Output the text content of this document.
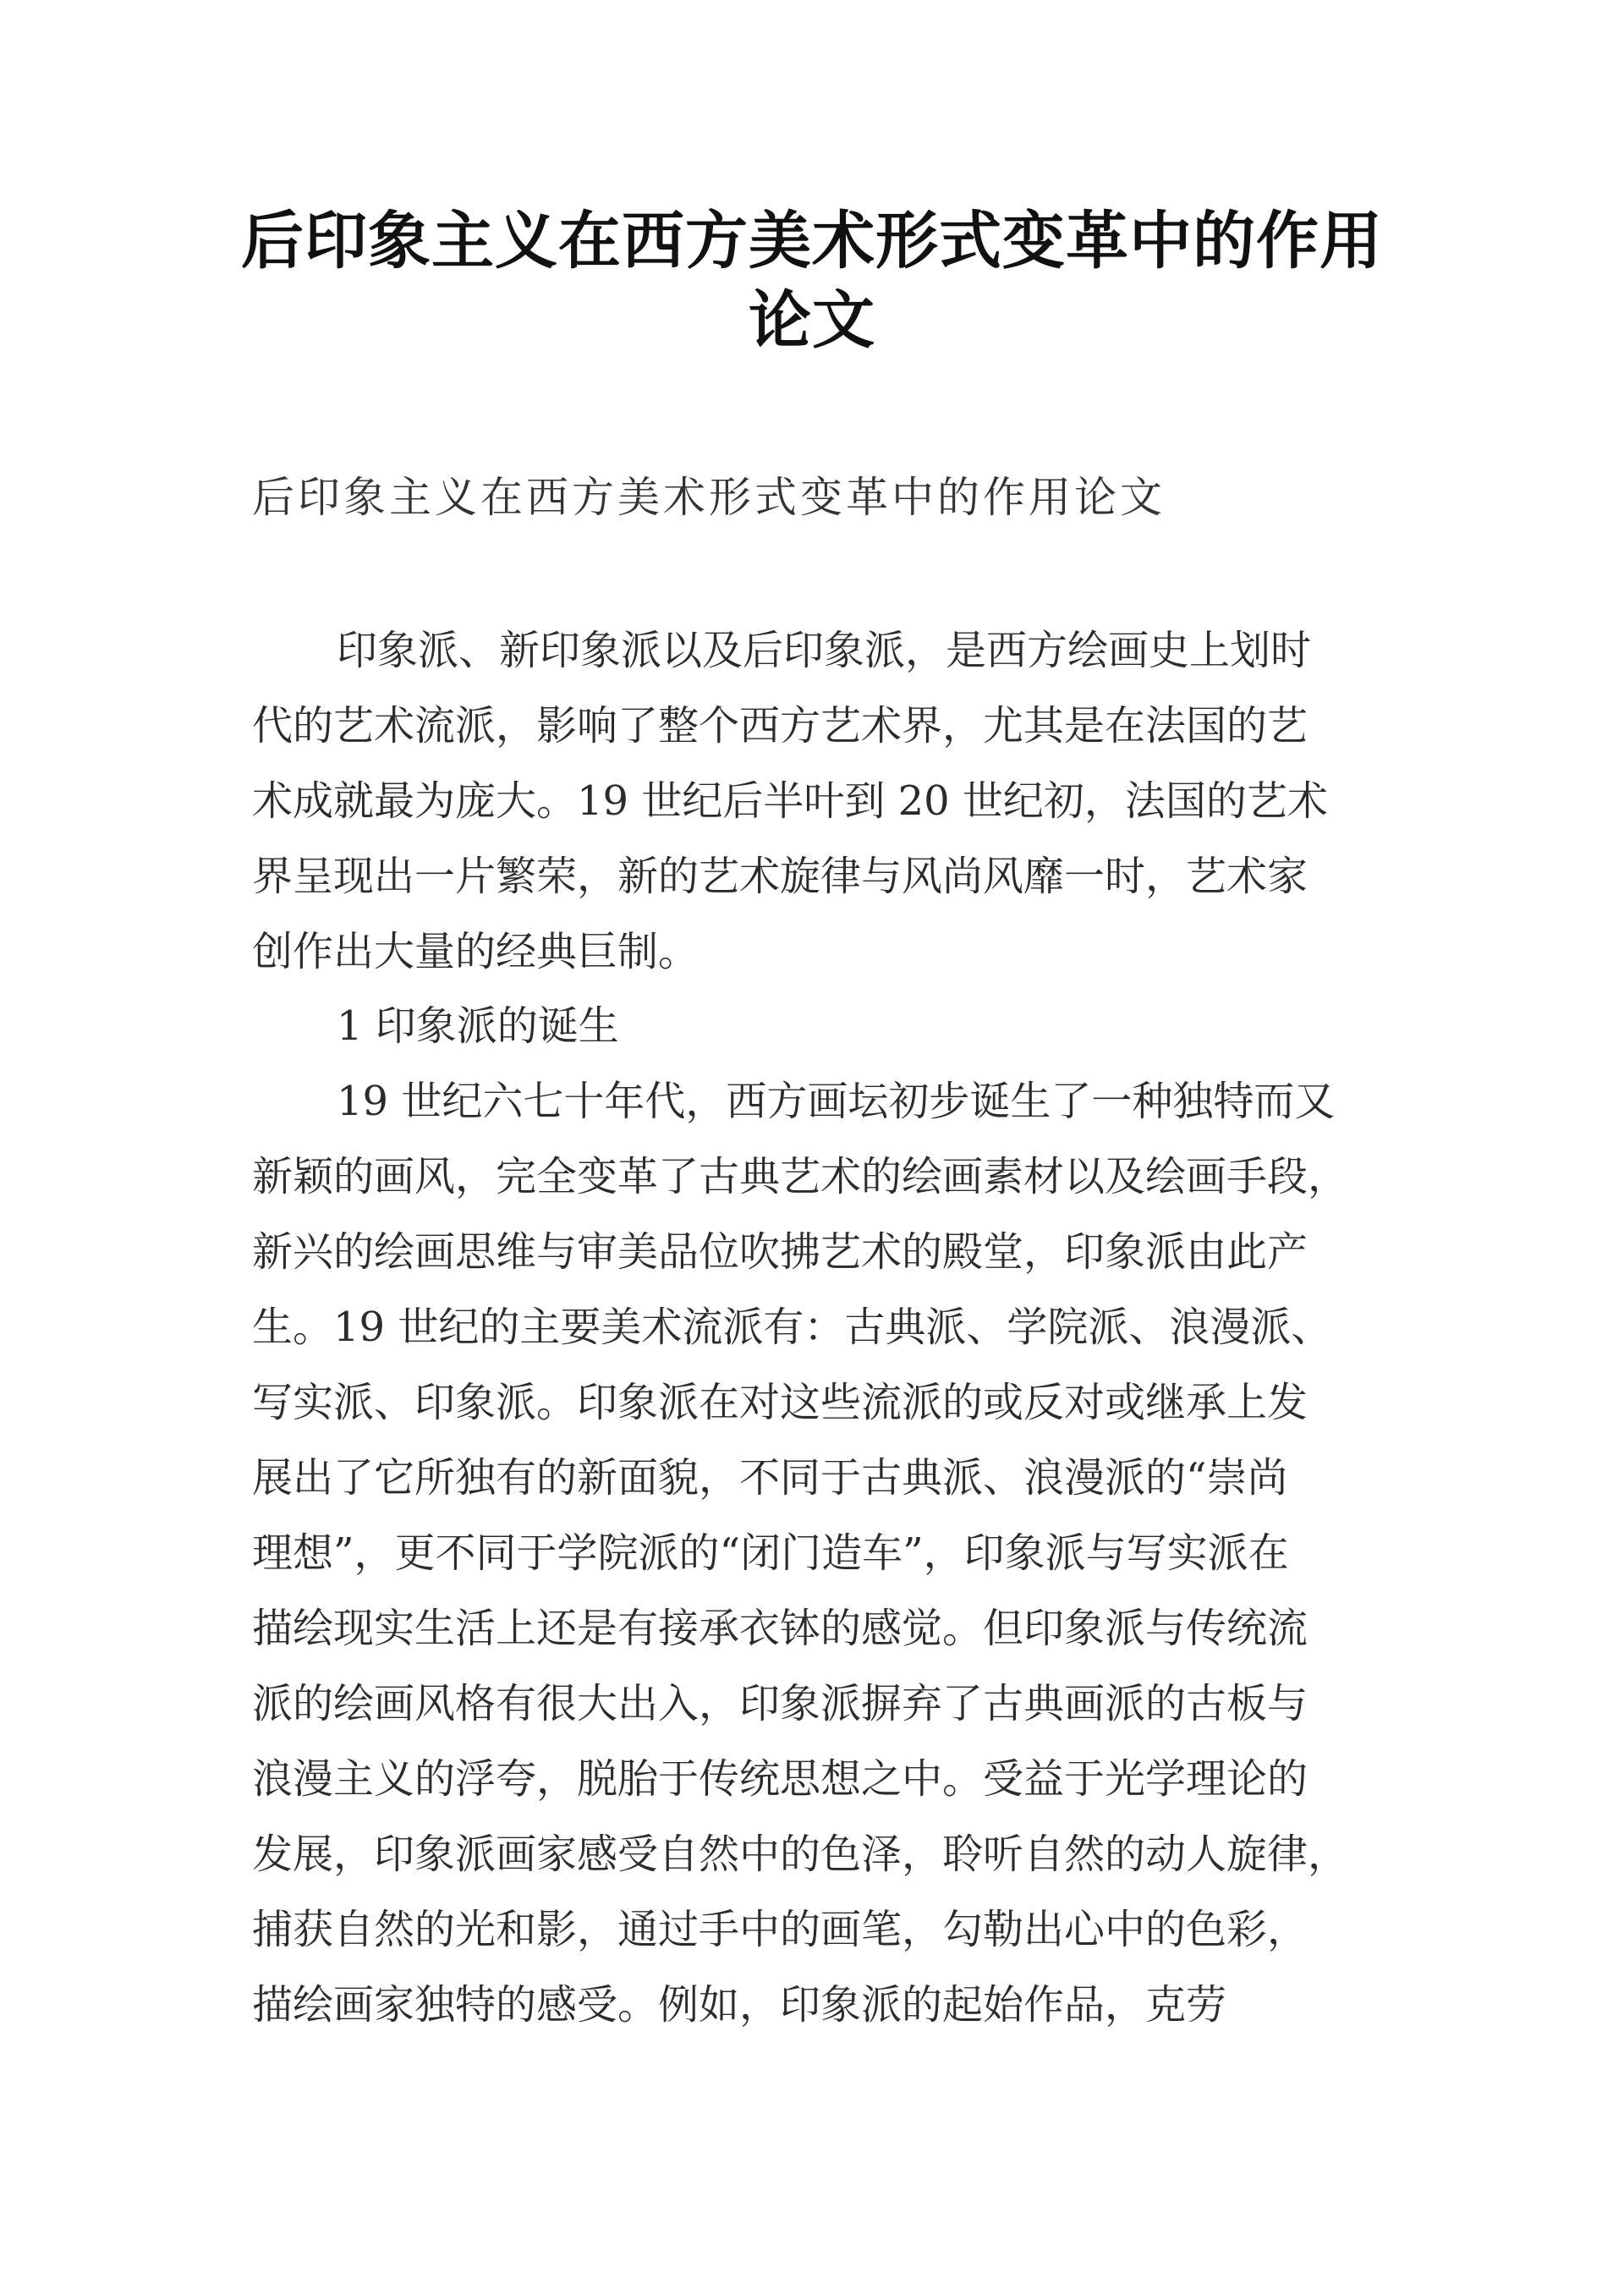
后印象主义在西方美术形式变革中的作用
论文

后印象主义在西方美术形式变革中的作用论文

印象派、新印象派以及后印象派，是西方绘画史上划时

代的艺术流派，影响了整个西方艺术界，尤其是在法国的艺

术成就最为庞大。19 世纪后半叶到 20 世纪初，法国的艺术

界呈现出一片繁荣，新的艺术旋律与风尚风靡一时，艺术家

创作出大量的经典巨制。

1 印象派的诞生

19 世纪六七十年代，西方画坛初步诞生了一种独特而又

新颖的画风，完全变革了古典艺术的绘画素材以及绘画手段，

新兴的绘画思维与审美品位吹拂艺术的殿堂，印象派由此产

生。19 世纪的主要美术流派有：古典派、学院派、浪漫派、

写实派、印象派。印象派在对这些流派的或反对或继承上发

展出了它所独有的新面貌，不同于古典派、浪漫派的“崇尚

理想”，更不同于学院派的“闭门造车”，印象派与写实派在

描绘现实生活上还是有接承衣钵的感觉。但印象派与传统流

派的绘画风格有很大出入，印象派摒弃了古典画派的古板与

浪漫主义的浮夸，脱胎于传统思想之中。受益于光学理论的

发展，印象派画家感受自然中的色泽，聆听自然的动人旋律，

捕获自然的光和影，通过手中的画笔，勾勒出心中的色彩，

描绘画家独特的感受。例如，印象派的起始作品，克劳
